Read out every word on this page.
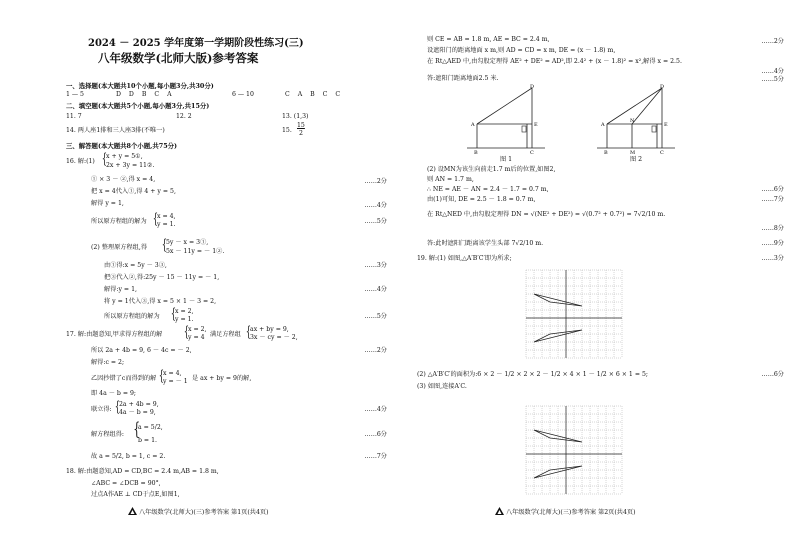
2024 － 2025 学年度第一学期阶段性练习(三)
八年级数学(北师大版)参考答案
一、选择题(本大题共10个小题,每小题3分,共30分)
1 — 5	D D B C A	6 — 10	C A B C C
二、填空题(本大题共5个小题,每小题3分,共15分)
11. 7	12. 2	13. (1,3)
14. 两人座1排和三人座3排(不唯一)	15.
15
2
三、解答题(本大题共8个小题,共75分)
16. 解:(1) {
x + y = 5①,
2x + 3y = 11②.
① × 3 － ②,得 x = 4,	……2分
把 x = 4代入①,得 4 + y = 5,
解得 y = 1,	……4分
所以原方程组的解为 {
x = 4,
y = 1.	……5分
(2) 整理原方程组,得 {
5y － x = 3①,
5x － 11y = － 1②.
由①得:x = 5y － 3③,	……3分
把③代入②,得:25y － 15 － 11y = － 1,
解得:y = 1,	……4分
将 y = 1代入③,得 x = 5 × 1 － 3 = 2,
所以原方程组的解为 {
x = 2,
y = 1.	……5分
17. 解:由题意知,甲求得方程组的解 {
x = 2,
y = 4 满足方程组 {
ax + by = 9,
3x － cy = － 2,
所以 2a + 4b = 9, 6 － 4c = － 2,	……2分
解得:c = 2;
乙因抄错了c而得到的解 {
x = 4,
y = － 1 是 ax + by = 9的解,
即 4a － b = 9;
联立得: {
2a + 4b = 9,
4a － b = 9,	……4分
解方程组得: {
a = 5/2,
b = 1.
……6分
故 a = 5/2, b = 1, c = 2.	……7分
18. 解:由题意知,AD = CD,BC = 2.4 m,AB = 1.8 m,
∠ABC = ∠DCB = 90°,
过点A作AE ⊥ CD于点E,如图1,
八年级数学(北师大)(三)参考答案 第1页(共4页)
则 CE = AB = 1.8 m, AE = BC = 2.4 m,	……2分
设遮阳门的距离地面 x m,则 AD = CD = x m, DE = (x － 1.8) m,
在 Rt△AED 中,由勾股定理得 AE² + DE² = AD²,即 2.4² + (x － 1.8)² = x²,解得 x = 2.5.
……4分
答:遮阳门距离地面2.5 米.	……5分
A
B	C
D
E	A
B	M
N
C
D
E
图 1	图 2
(2) 设MN为该生向前走1.7 m后的位置,如图2,
则 AN = 1.7 m,
∴ NE = AE － AN = 2.4 － 1.7 = 0.7 m,	……6分
由(1)可知, DE = 2.5 － 1.8 = 0.7 m,	……7分
在 Rt△NED 中,由勾股定理得 DN = √(NE² + DE²) = √(0.7² + 0.7²) = 7√2/10 m.
……8分
答:此时遮阳门距离该学生头部 7√2/10 m.	……9分
19. 解:(1) 如图,△A′B′C′即为所求;	……3分
(2) △A′B′C′的面积为:6 × 2 － 1/2 × 2 × 2 － 1/2 × 4 × 1 － 1/2 × 6 × 1 = 5;	……6分
(3) 如图,连接A′C.
八年级数学(北师大)(三)参考答案 第2页(共4页)
